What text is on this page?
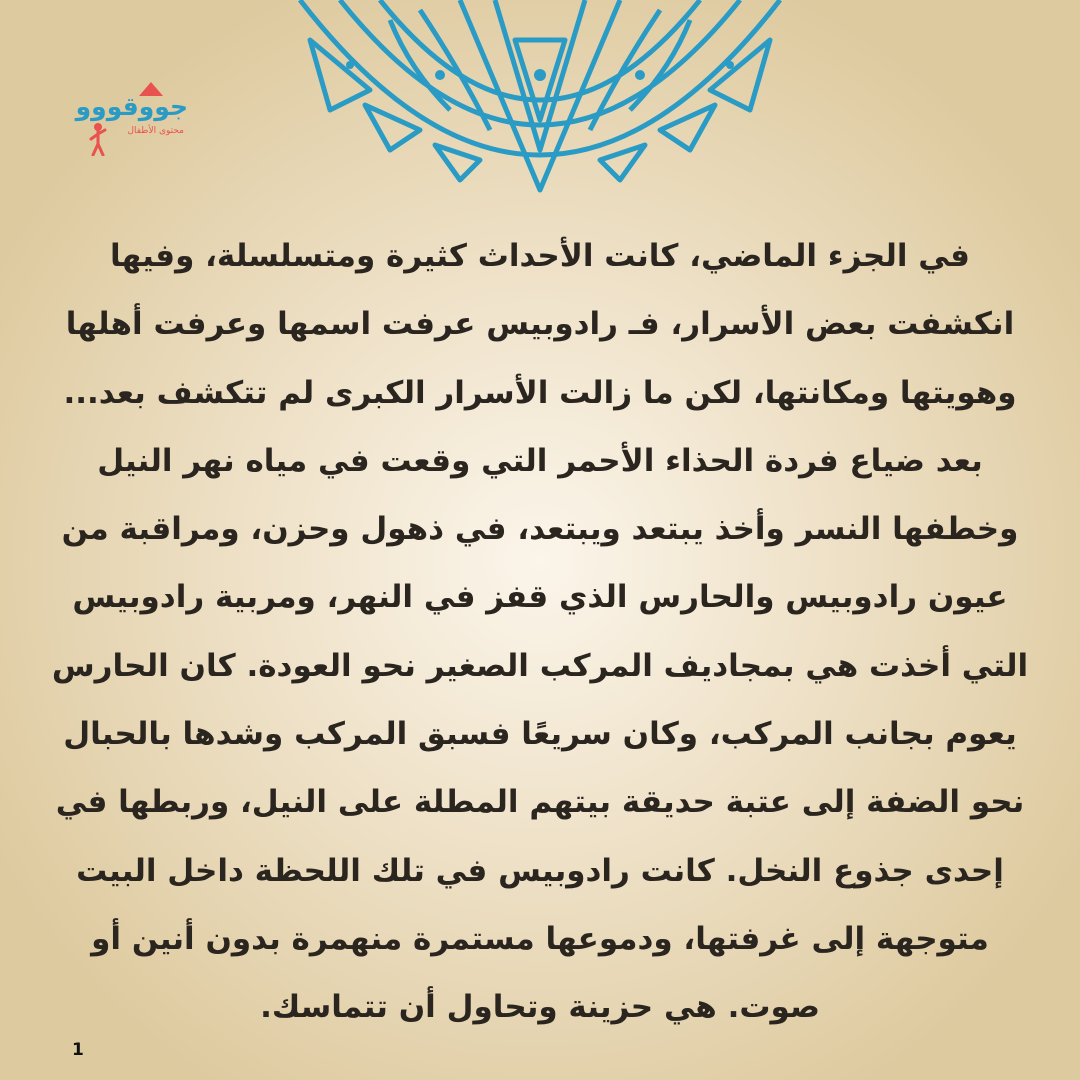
جووقووو
محتوى الأطفال
في الجزء الماضي، كانت الأحداث كثيرة ومتسلسلة، وفيها
انكشفت بعض الأسرار، فـ رادوبيس عرفت اسمها وعرفت أهلها
وهويتها ومكانتها، لكن ما زالت الأسرار الكبرى لم تتكشف بعد...
بعد ضياع فردة الحذاء الأحمر التي وقعت في مياه نهر النيل
وخطفها النسر وأخذ يبتعد ويبتعد، في ذهول وحزن، ومراقبة من
عيون رادوبيس والحارس الذي قفز في النهر، ومربية رادوبيس
التي أخذت هي بمجاديف المركب الصغير نحو العودة. كان الحارس
يعوم بجانب المركب، وكان سريعًا فسبق المركب وشدها بالحبال
نحو الضفة إلى عتبة حديقة بيتهم المطلة على النيل، وربطها في
إحدى جذوع النخل. كانت رادوبيس في تلك اللحظة داخل البيت
متوجهة إلى غرفتها، ودموعها مستمرة منهمرة بدون أنين أو
صوت. هي حزينة وتحاول أن تتماسك.
1
